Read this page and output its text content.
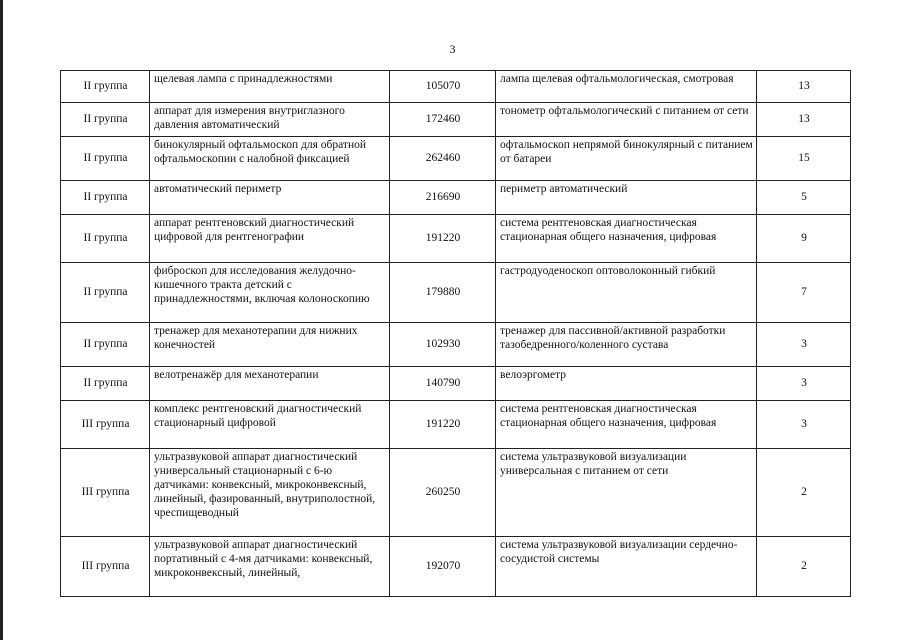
3
II группа	щелевая лампа с принадлежностями	105070	лампа щелевая офтальмологическая, смотровая	13
II группа	аппарат для измерения внутриглазного давления автоматический	172460	тонометр офтальмологический с питанием от сети	13
II группа	бинокулярный офтальмоскоп для обратной офтальмоскопии с налобной фиксацией	262460	офтальмоскоп непрямой бинокулярный с питанием от батареи	15
II группа	автоматический периметр	216690	периметр автоматический	5
II группа	аппарат рентгеновский диагностический цифровой для рентгенографии	191220	система рентгеновская диагностическая стационарная общего назначения, цифровая	9
II группа	фиброскоп для исследования желудочно-кишечного тракта детский с принадлежностями, включая колоноскопию	179880	гастродуоденоскоп оптоволоконный гибкий	7
II группа	тренажер для механотерапии для нижних конечностей	102930	тренажер для пассивной/активной разработки тазобедренного/коленного сустава	3
II группа	велотренажёр для механотерапии	140790	велоэргометр	3
III группа	комплекс рентгеновский диагностический стационарный цифровой	191220	система рентгеновская диагностическая стационарная общего назначения, цифровая	3
III группа	ультразвуковой аппарат диагностический универсальный стационарный с 6-ю датчиками: конвексный, микроконвексный, линейный, фазированный, внутриполостной, чреспищеводный	260250	система ультразвуковой визуализации универсальная с питанием от сети	2
III группа	ультразвуковой аппарат диагностический портативный с 4-мя датчиками: конвексный, микроконвексный, линейный,	192070	система ультразвуковой визуализации сердечно-сосудистой системы	2
